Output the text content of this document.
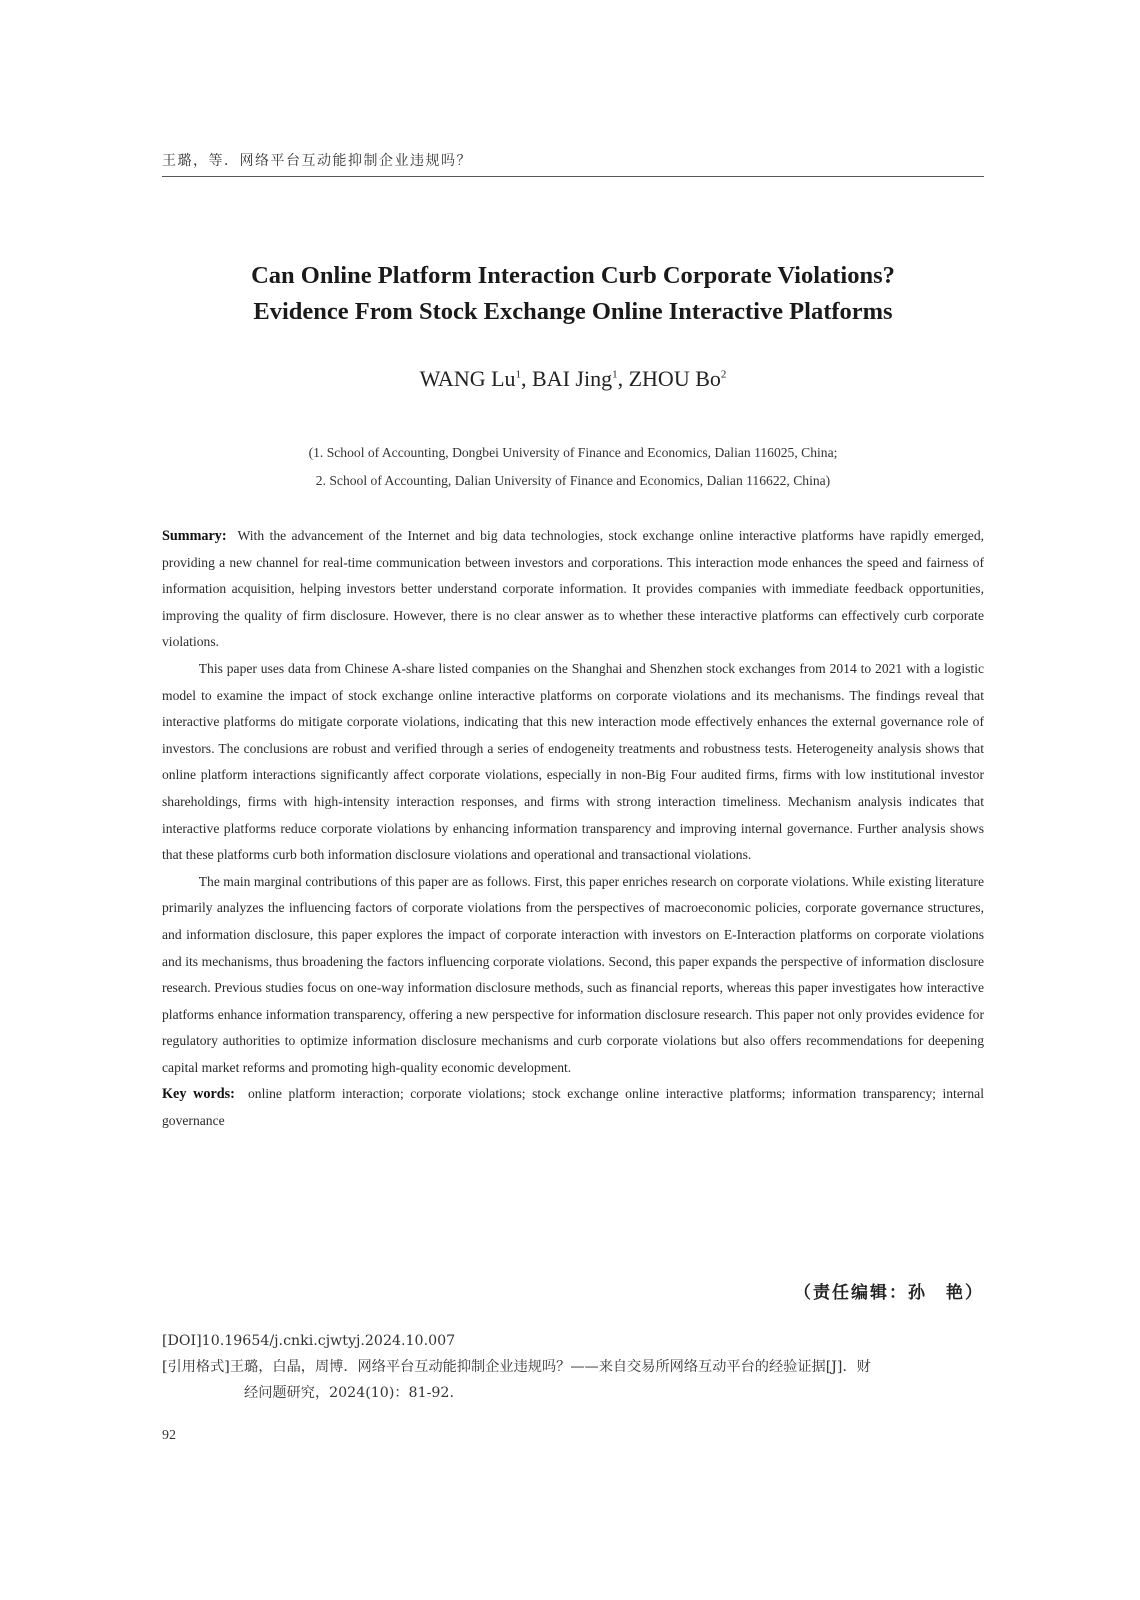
王璐，等．网络平台互动能抑制企业违规吗？
Can Online Platform Interaction Curb Corporate Violations?
Evidence From Stock Exchange Online Interactive Platforms
WANG Lu$^1$, BAI Jing$^1$, ZHOU Bo$^2$
(1. School of Accounting, Dongbei University of Finance and Economics, Dalian 116025, China;
2. School of Accounting, Dalian University of Finance and Economics, Dalian 116622, China)

Summary: With the advancement of the Internet and big data technologies, stock exchange online interactive platforms have rapidly emerged, providing a new channel for real-time communication between investors and corporations. This interaction mode enhances the speed and fairness of information acquisition, helping investors better understand corporate information. It provides companies with immediate feedback opportunities, improving the quality of firm disclosure. However, there is no clear answer as to whether these interactive platforms can effectively curb corporate violations.

This paper uses data from Chinese A-share listed companies on the Shanghai and Shenzhen stock exchanges from 2014 to 2021 with a logistic model to examine the impact of stock exchange online interactive platforms on corporate violations and its mechanisms. The findings reveal that interactive platforms do mitigate corporate violations, indicating that this new interaction mode effectively enhances the external governance role of investors. The conclusions are robust and verified through a series of endogeneity treatments and robustness tests. Heterogeneity analysis shows that online platform interactions significantly affect corporate violations, especially in non-Big Four audited firms, firms with low institutional investor shareholdings, firms with high-intensity interaction responses, and firms with strong interaction timeliness. Mechanism analysis indicates that interactive platforms reduce corporate violations by enhancing information transparency and improving internal governance. Further analysis shows that these platforms curb both information disclosure violations and operational and transactional violations.

The main marginal contributions of this paper are as follows. First, this paper enriches research on corporate violations. While existing literature primarily analyzes the influencing factors of corporate violations from the perspectives of macroeconomic policies, corporate governance structures, and information disclosure, this paper explores the impact of corporate interaction with investors on E-Interaction platforms on corporate violations and its mechanisms, thus broadening the factors influencing corporate violations. Second, this paper expands the perspective of information disclosure research. Previous studies focus on one-way information disclosure methods, such as financial reports, whereas this paper investigates how interactive platforms enhance information transparency, offering a new perspective for information disclosure research. This paper not only provides evidence for regulatory authorities to optimize information disclosure mechanisms and curb corporate violations but also offers recommendations for deepening capital market reforms and promoting high-quality economic development.

Key words: online platform interaction; corporate violations; stock exchange online interactive platforms; information transparency; internal governance

（责任编辑：孙　艳）
[DOI]10.19654/j.cnki.cjwtyj.2024.10.007
[引用格式]王璐，白晶，周博．网络平台互动能抑制企业违规吗？——来自交易所网络互动平台的经验证据[J]．财
经问题研究，2024(10)：81-92.
92
